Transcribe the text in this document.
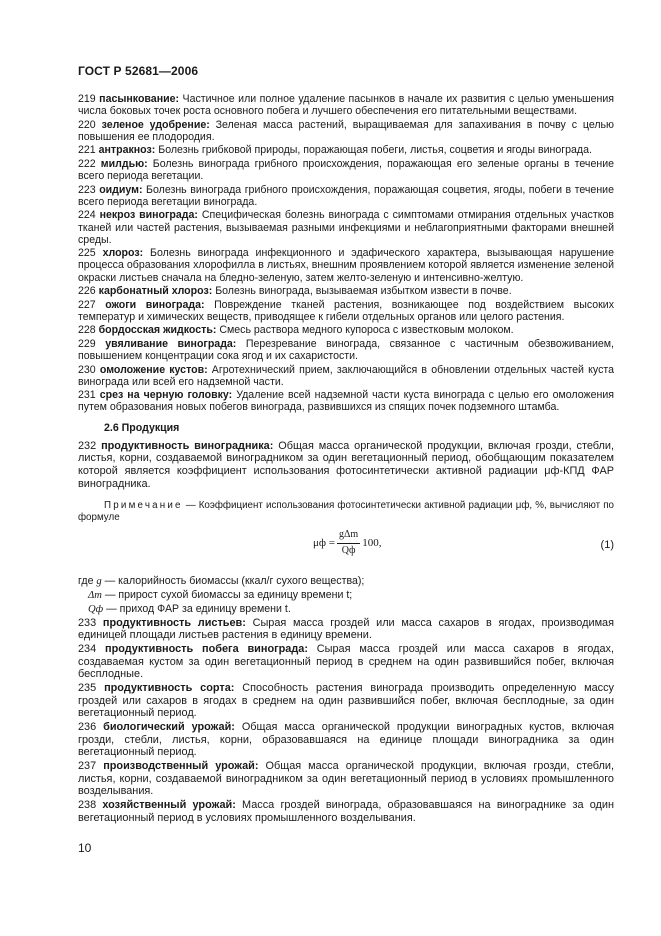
ГОСТ Р 52681—2006
219 пасынкование: Частичное или полное удаление пасынков в начале их развития с целью уменьшения числа боковых точек роста основного побега и лучшего обеспечения его питательными веществами.
220 зеленое удобрение: Зеленая масса растений, выращиваемая для запахивания в почву с целью повышения ее плодородия.
221 антракноз: Болезнь грибковой природы, поражающая побеги, листья, соцветия и ягоды винограда.
222 милдью: Болезнь винограда грибного происхождения, поражающая его зеленые органы в течение всего периода вегетации.
223 оидиум: Болезнь винограда грибного происхождения, поражающая соцветия, ягоды, побеги в течение всего периода вегетации винограда.
224 некроз винограда: Специфическая болезнь винограда с симптомами отмирания отдельных участков тканей или частей растения, вызываемая разными инфекциями и неблагоприятными факторами внешней среды.
225 хлороз: Болезнь винограда инфекционного и эдафического характера, вызывающая нарушение процесса образования хлорофилла в листьях, внешним проявлением которой является изменение зеленой окраски листьев сначала на бледно-зеленую, затем желто-зеленую и интенсивно-желтую.
226 карбонатный хлороз: Болезнь винограда, вызываемая избытком извести в почве.
227 ожоги винограда: Повреждение тканей растения, возникающее под воздействием высоких температур и химических веществ, приводящее к гибели отдельных органов или целого растения.
228 бордосская жидкость: Смесь раствора медного купороса с известковым молоком.
229 увяливание винограда: Перезревание винограда, связанное с частичным обезвоживанием, повышением концентрации сока ягод и их сахаристости.
230 омоложение кустов: Агротехнический прием, заключающийся в обновлении отдельных частей куста винограда или всей его надземной части.
231 срез на черную головку: Удаление всей надземной части куста винограда с целью его омоложения путем образования новых побегов винограда, развившихся из спящих почек подземного штамба.
2.6 Продукция
232 продуктивность виноградника: Общая масса органической продукции, включая грозди, стебли, листья, корни, создаваемой виноградником за один вегетационный период, обобщающим показателем которой является коэффициент использования фотосинтетически активной радиации μф-КПД ФАР виноградника.
Примечание — Коэффициент использования фотосинтетически активной радиации μф, %, вычисляют по формуле
$\mu ф = \frac{\text{gΔm}}{Qф} 100$,	(1)
где g — калорийность биомассы (ккал/г сухого вещества);
Δm — прирост сухой биомассы за единицу времени t;
Qф — приход ФАР за единицу времени t.
233 продуктивность листьев: Сырая масса гроздей или масса сахаров в ягодах, производимая единицей площади листьев растения в единицу времени.
234 продуктивность побега винограда: Сырая масса гроздей или масса сахаров в ягодах, создаваемая кустом за один вегетационный период в среднем на один развившийся побег, включая бесплодные.
235 продуктивность сорта: Способность растения винограда производить определенную массу гроздей или сахаров в ягодах в среднем на один развившийся побег, включая бесплодные, за один вегетационный период.
236 биологический урожай: Общая масса органической продукции виноградных кустов, включая грозди, стебли, листья, корни, образовавшаяся на единице площади виноградника за один вегетационный период.
237 производственный урожай: Общая масса органической продукции, включая грозди, стебли, листья, корни, создаваемой виноградником за один вегетационный период в условиях промышленного возделывания.
238 хозяйственный урожай: Масса гроздей винограда, образовавшаяся на винограднике за один вегетационный период в условиях промышленного возделывания.
10
